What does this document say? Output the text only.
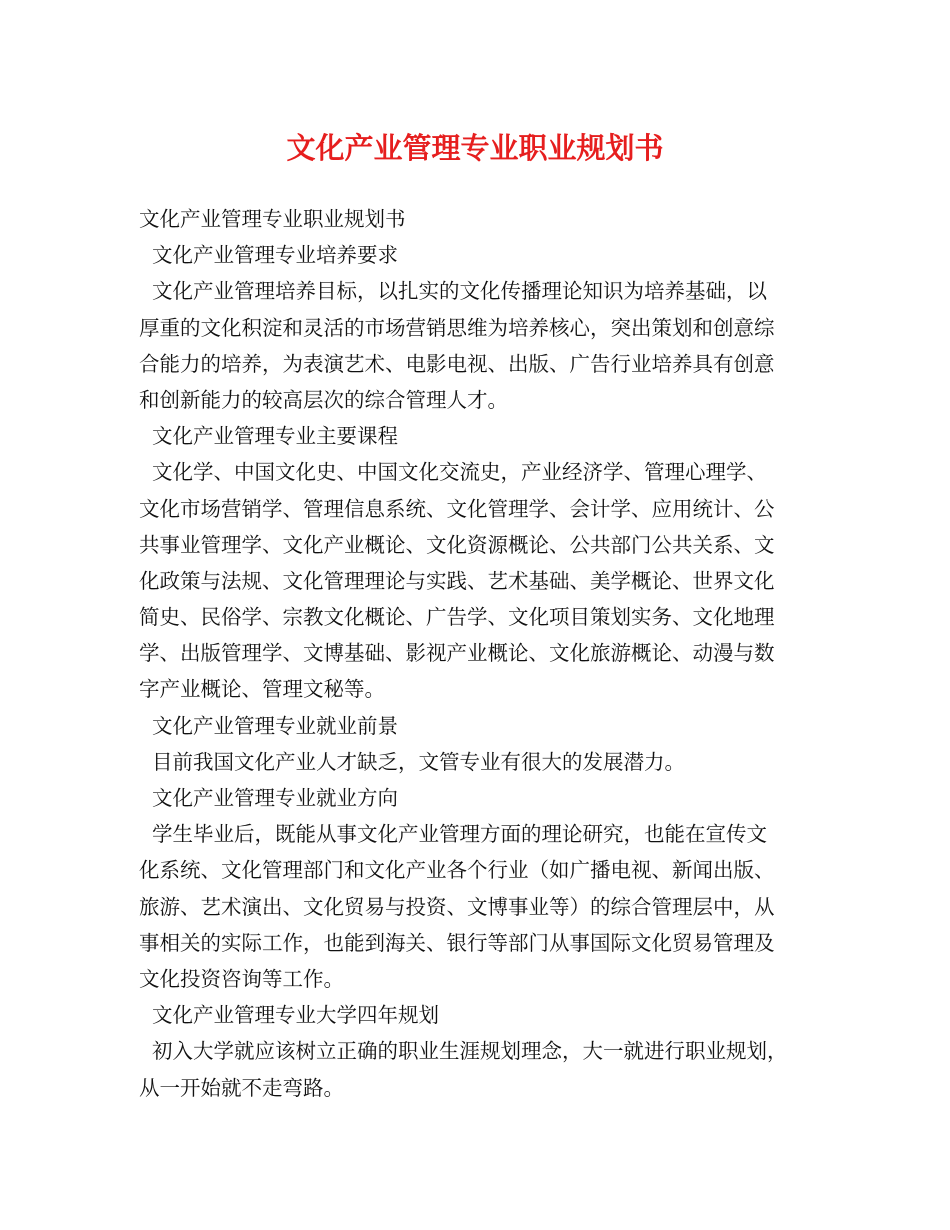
文化产业管理专业职业规划书
文化产业管理专业职业规划书
文化产业管理专业培养要求
文化产业管理培养目标，以扎实的文化传播理论知识为培养基础，以
厚重的文化积淀和灵活的市场营销思维为培养核心，突出策划和创意综
合能力的培养，为表演艺术、电影电视、出版、广告行业培养具有创意
和创新能力的较高层次的综合管理人才。
文化产业管理专业主要课程
文化学、中国文化史、中国文化交流史，产业经济学、管理心理学、
文化市场营销学、管理信息系统、文化管理学、会计学、应用统计、公
共事业管理学、文化产业概论、文化资源概论、公共部门公共关系、文
化政策与法规、文化管理理论与实践、艺术基础、美学概论、世界文化
简史、民俗学、宗教文化概论、广告学、文化项目策划实务、文化地理
学、出版管理学、文博基础、影视产业概论、文化旅游概论、动漫与数
字产业概论、管理文秘等。
文化产业管理专业就业前景
目前我国文化产业人才缺乏，文管专业有很大的发展潜力。
文化产业管理专业就业方向
学生毕业后，既能从事文化产业管理方面的理论研究，也能在宣传文
化系统、文化管理部门和文化产业各个行业（如广播电视、新闻出版、
旅游、艺术演出、文化贸易与投资、文博事业等）的综合管理层中，从
事相关的实际工作，也能到海关、银行等部门从事国际文化贸易管理及
文化投资咨询等工作。
文化产业管理专业大学四年规划
初入大学就应该树立正确的职业生涯规划理念，大一就进行职业规划，
从一开始就不走弯路。
